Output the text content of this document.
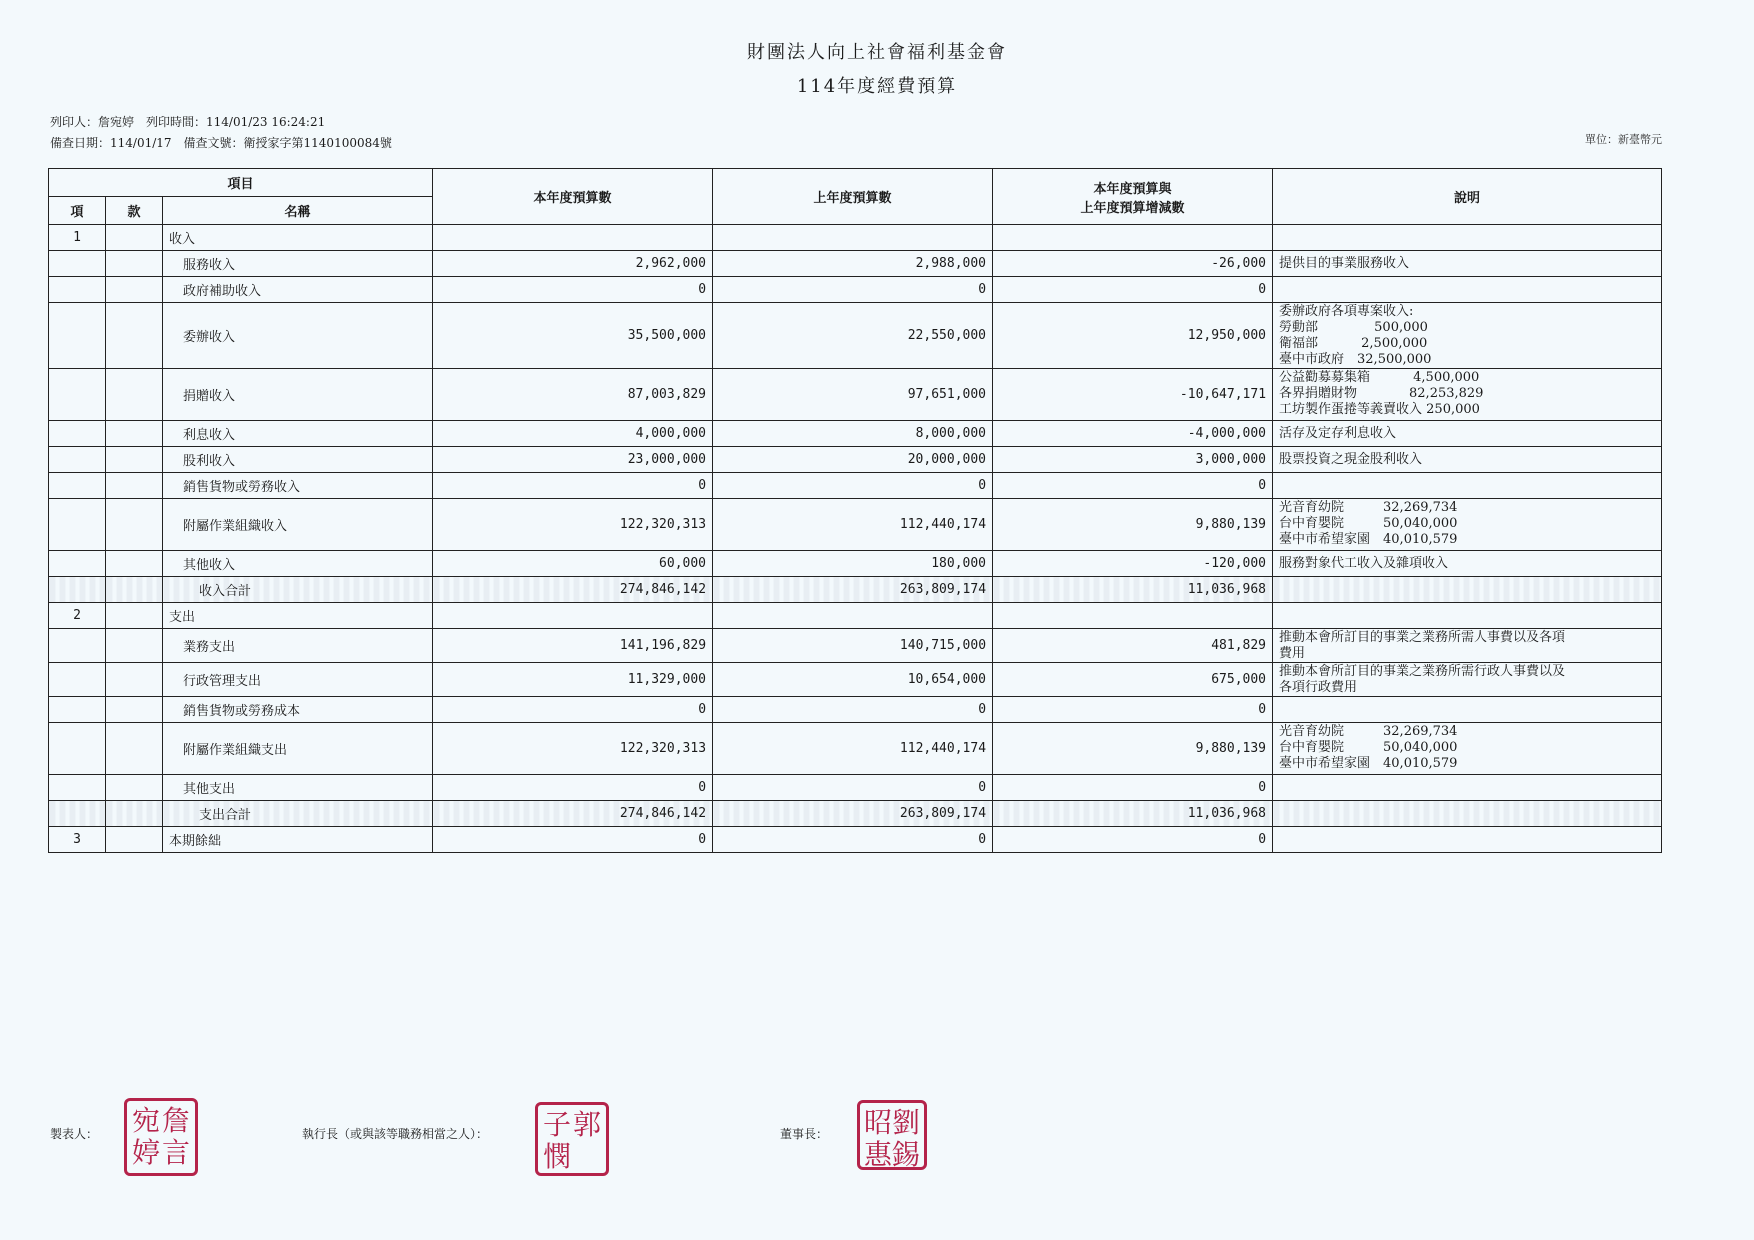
財團法人向上社會福利基金會
114年度經費預算
列印人：詹宛婷　列印時間：114/01/23 16:24:21
備查日期：114/01/17　備查文號：衛授家字第1140100084號	單位：新臺幣元
項目			本年度預算數	上年度預算數	本年度預算與
上年度預算增減數	說明
項	款	名稱				
1		收入				
		服務收入	2,962,000	2,988,000	-26,000	提供目的事業服務收入
		政府補助收入	0	0	0	
		委辦收入	35,500,000	22,550,000	12,950,000	委辦政府各項專案收入:
勞動部　　　　 500,000
衛福部　　　 2,500,000
臺中市政府　32,500,000
		捐贈收入	87,003,829	97,651,000	-10,647,171	公益勸募募集箱　　　 4,500,000
各界捐贈財物　　　　82,253,829
工坊製作蛋捲等義賣收入 250,000
		利息收入	4,000,000	8,000,000	-4,000,000	活存及定存利息收入
		股利收入	23,000,000	20,000,000	3,000,000	股票投資之現金股利收入
		銷售貨物或勞務收入	0	0	0	
		附屬作業組織收入	122,320,313	112,440,174	9,880,139	光音育幼院　　　32,269,734
台中育嬰院　　　50,040,000
臺中市希望家園　40,010,579
		其他收入	60,000	180,000	-120,000	服務對象代工收入及雜項收入
		收入合計	274,846,142	263,809,174	11,036,968	
2		支出				
		業務支出	141,196,829	140,715,000	481,829	推動本會所訂目的事業之業務所需人事費以及各項
費用
		行政管理支出	11,329,000	10,654,000	675,000	推動本會所訂目的事業之業務所需行政人事費以及
各項行政費用
		銷售貨物或勞務成本	0	0	0	
		附屬作業組織支出	122,320,313	112,440,174	9,880,139	光音育幼院　　　32,269,734
台中育嬰院　　　50,040,000
臺中市希望家園　40,010,579
		其他支出	0	0	0	
		支出合計	274,846,142	263,809,174	11,036,968	
3		本期餘絀	0	0	0	
製表人： 宛 詹
婷 言
執行長（或與該等職務相當之人）： 子 郭
憫
董事長： 昭 劉
惠 錫
